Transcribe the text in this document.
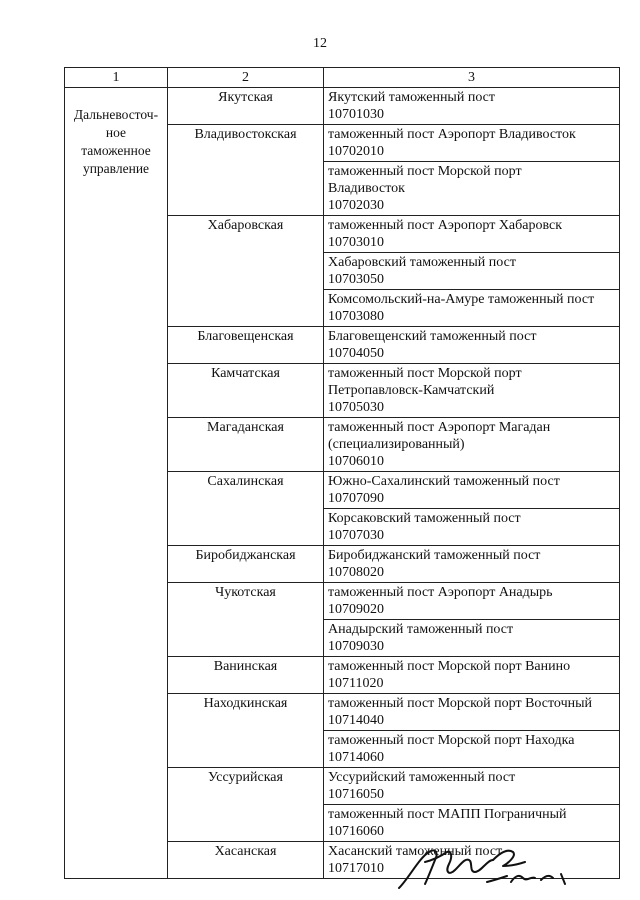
12
1	2	3
Дальневосточ-
ное
таможенное
управление	Якутская	Якутский таможенный пост
10701030
	Владивостокская	таможенный пост Аэропорт Владивосток
10702010
		таможенный пост Морской порт
Владивосток
10702030
	Хабаровская	таможенный пост Аэропорт Хабаровск
10703010
		Хабаровский таможенный пост
10703050
		Комсомольский-на-Амуре таможенный пост
10703080
	Благовещенская	Благовещенский таможенный пост
10704050
	Камчатская	таможенный пост Морской порт
Петропавловск-Камчатский
10705030
	Магаданская	таможенный пост Аэропорт Магадан
(специализированный)
10706010
	Сахалинская	Южно-Сахалинский таможенный пост
10707090
		Корсаковский таможенный пост
10707030
	Биробиджанская	Биробиджанский таможенный пост
10708020
	Чукотская	таможенный пост Аэропорт Анадырь
10709020
		Анадырский таможенный пост
10709030
	Ванинская	таможенный пост Морской порт Ванино
10711020
	Находкинская	таможенный пост Морской порт Восточный
10714040
		таможенный пост Морской порт Находка
10714060
	Уссурийская	Уссурийский таможенный пост
10716050
		таможенный пост МАПП Пограничный
10716060
	Хасанская	Хасанский таможенный пост
10717010
